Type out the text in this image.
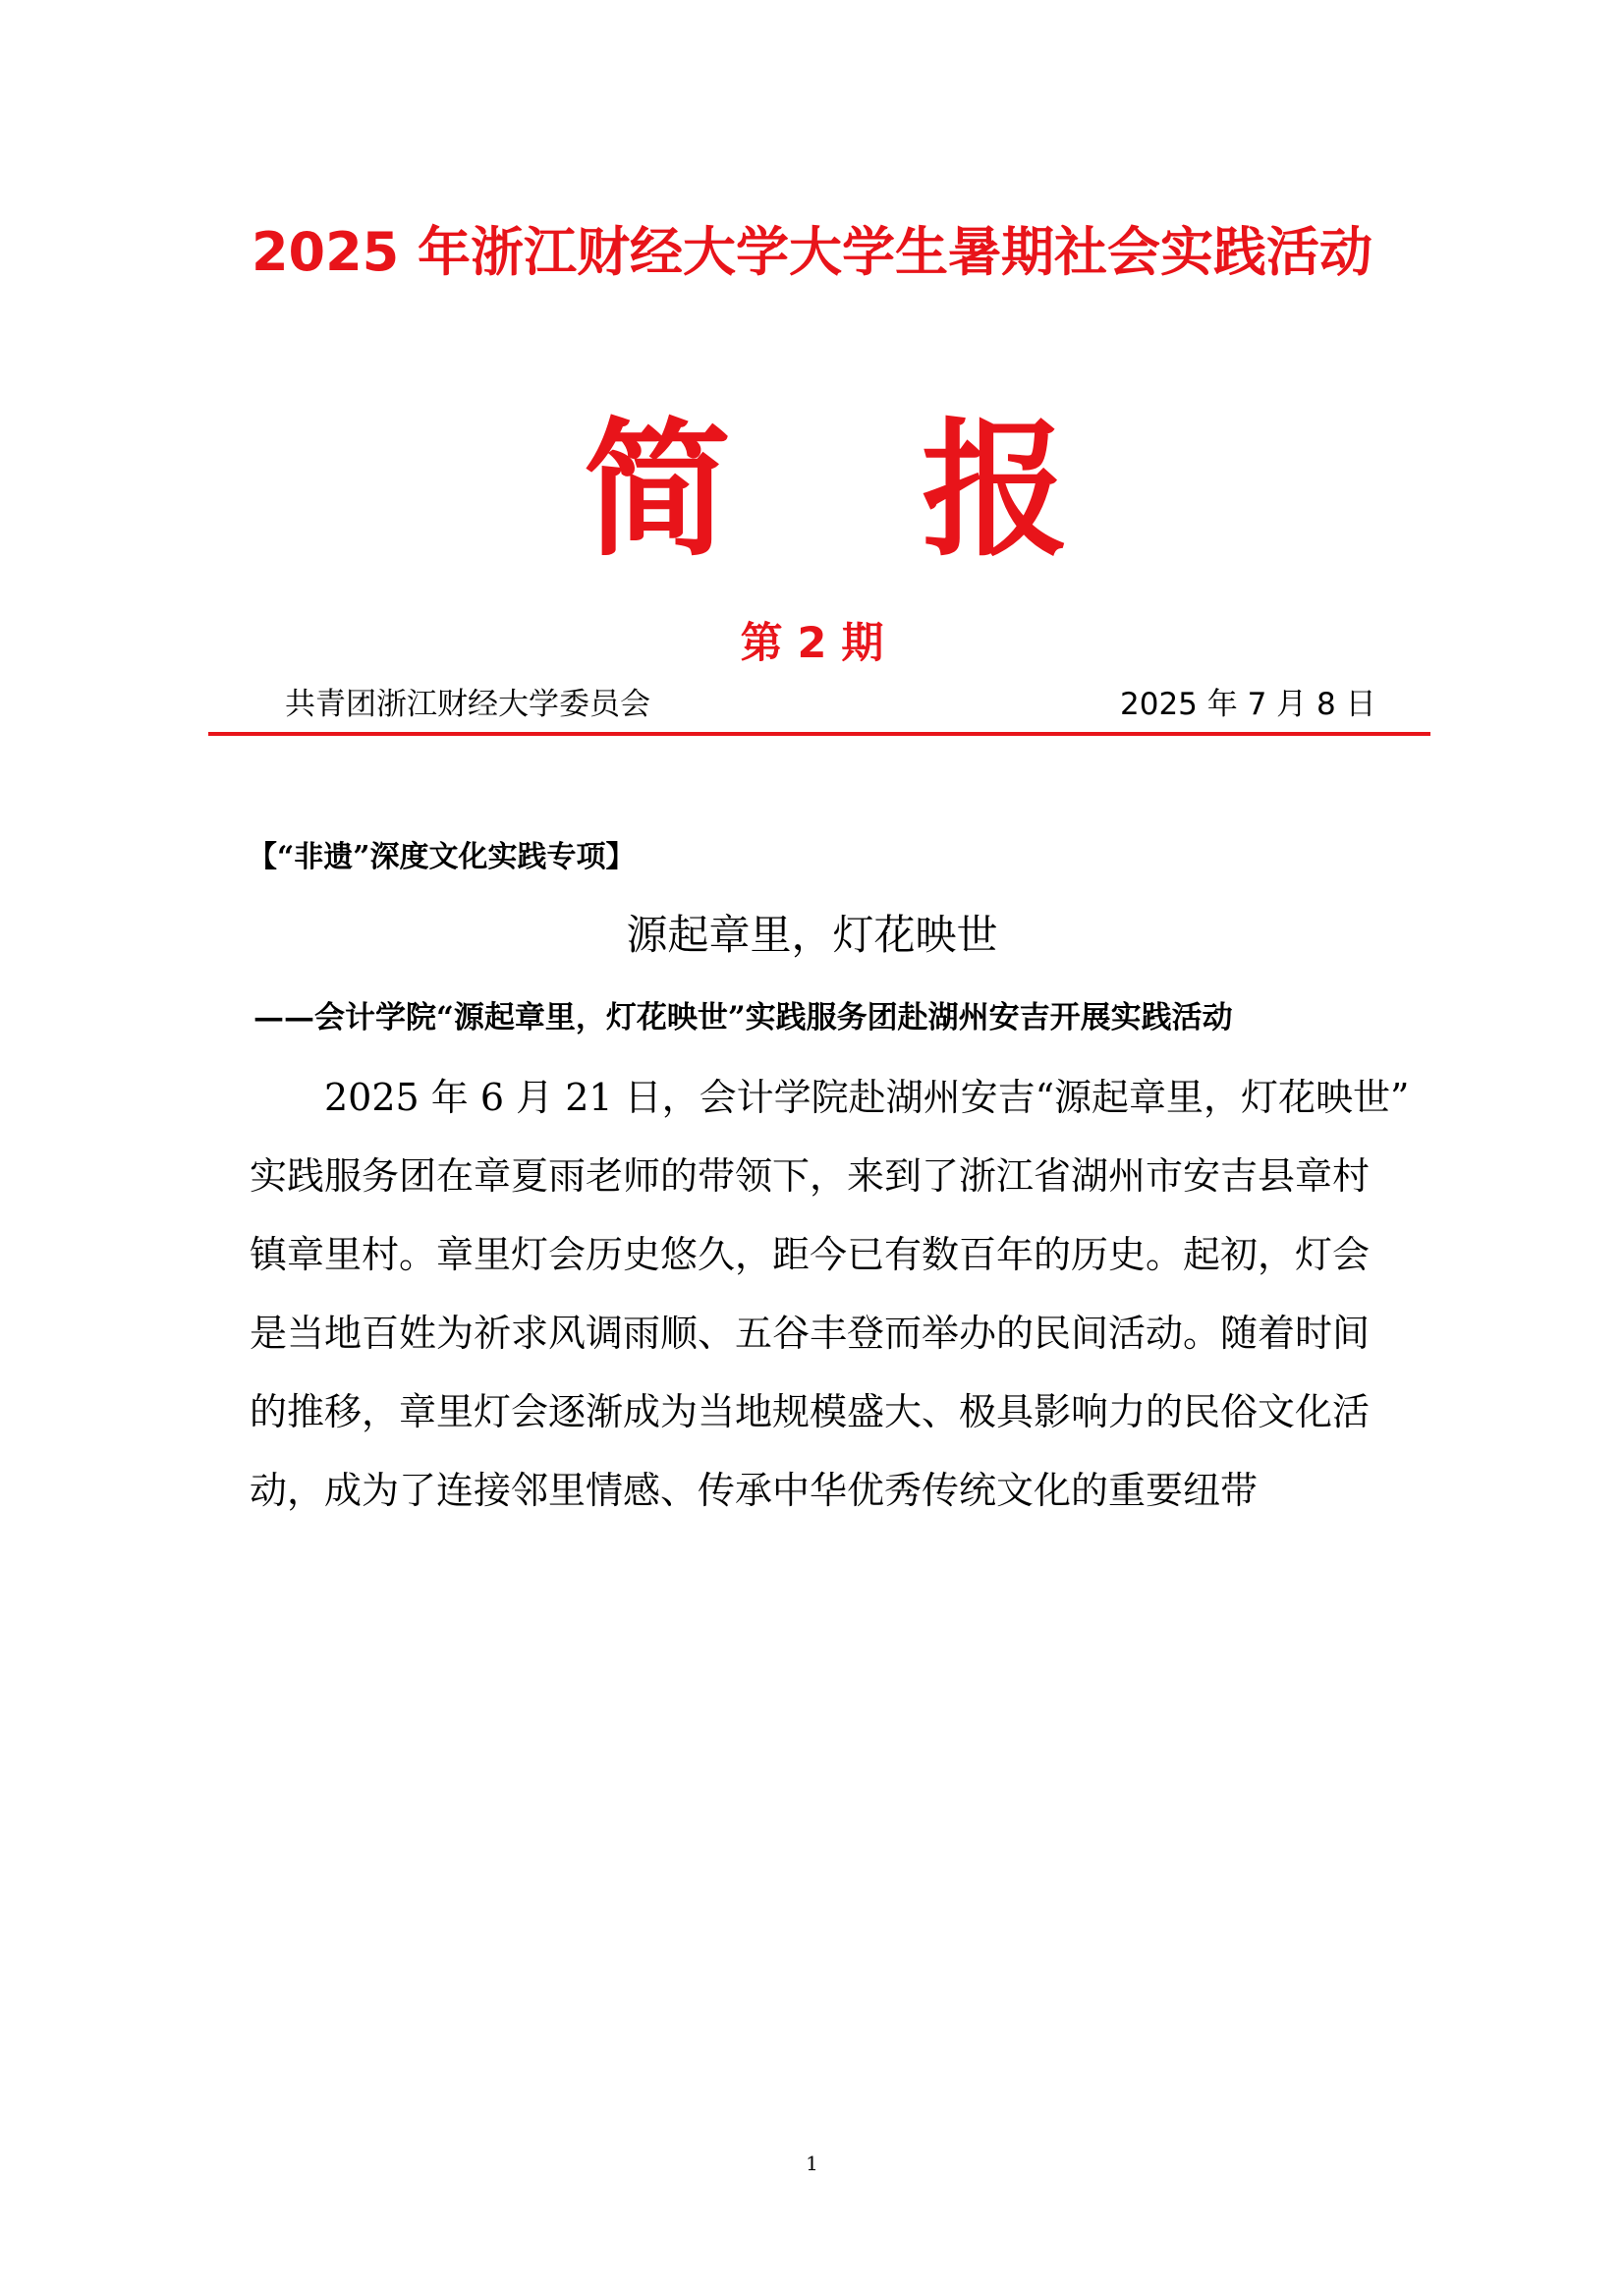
2025 年浙江财经大学大学生暑期社会实践活动
简 报
第 2 期
共青团浙江财经大学委员会	2025 年 7 月 8 日
【“非遗”深度文化实践专项】
源起章里，灯花映世
——会计学院“源起章里，灯花映世”实践服务团赴湖州安吉开展实践活动
　　2025 年 6 月 21 日，会计学院赴湖州安吉“源起章里，灯花映世”
实践服务团在章夏雨老师的带领下，来到了浙江省湖州市安吉县章村
镇章里村。章里灯会历史悠久，距今已有数百年的历史。起初，灯会
是当地百姓为祈求风调雨顺、五谷丰登而举办的民间活动。随着时间
的推移，章里灯会逐渐成为当地规模盛大、极具影响力的民俗文化活
动，成为了连接邻里情感、传承中华优秀传统文化的重要纽带
1
